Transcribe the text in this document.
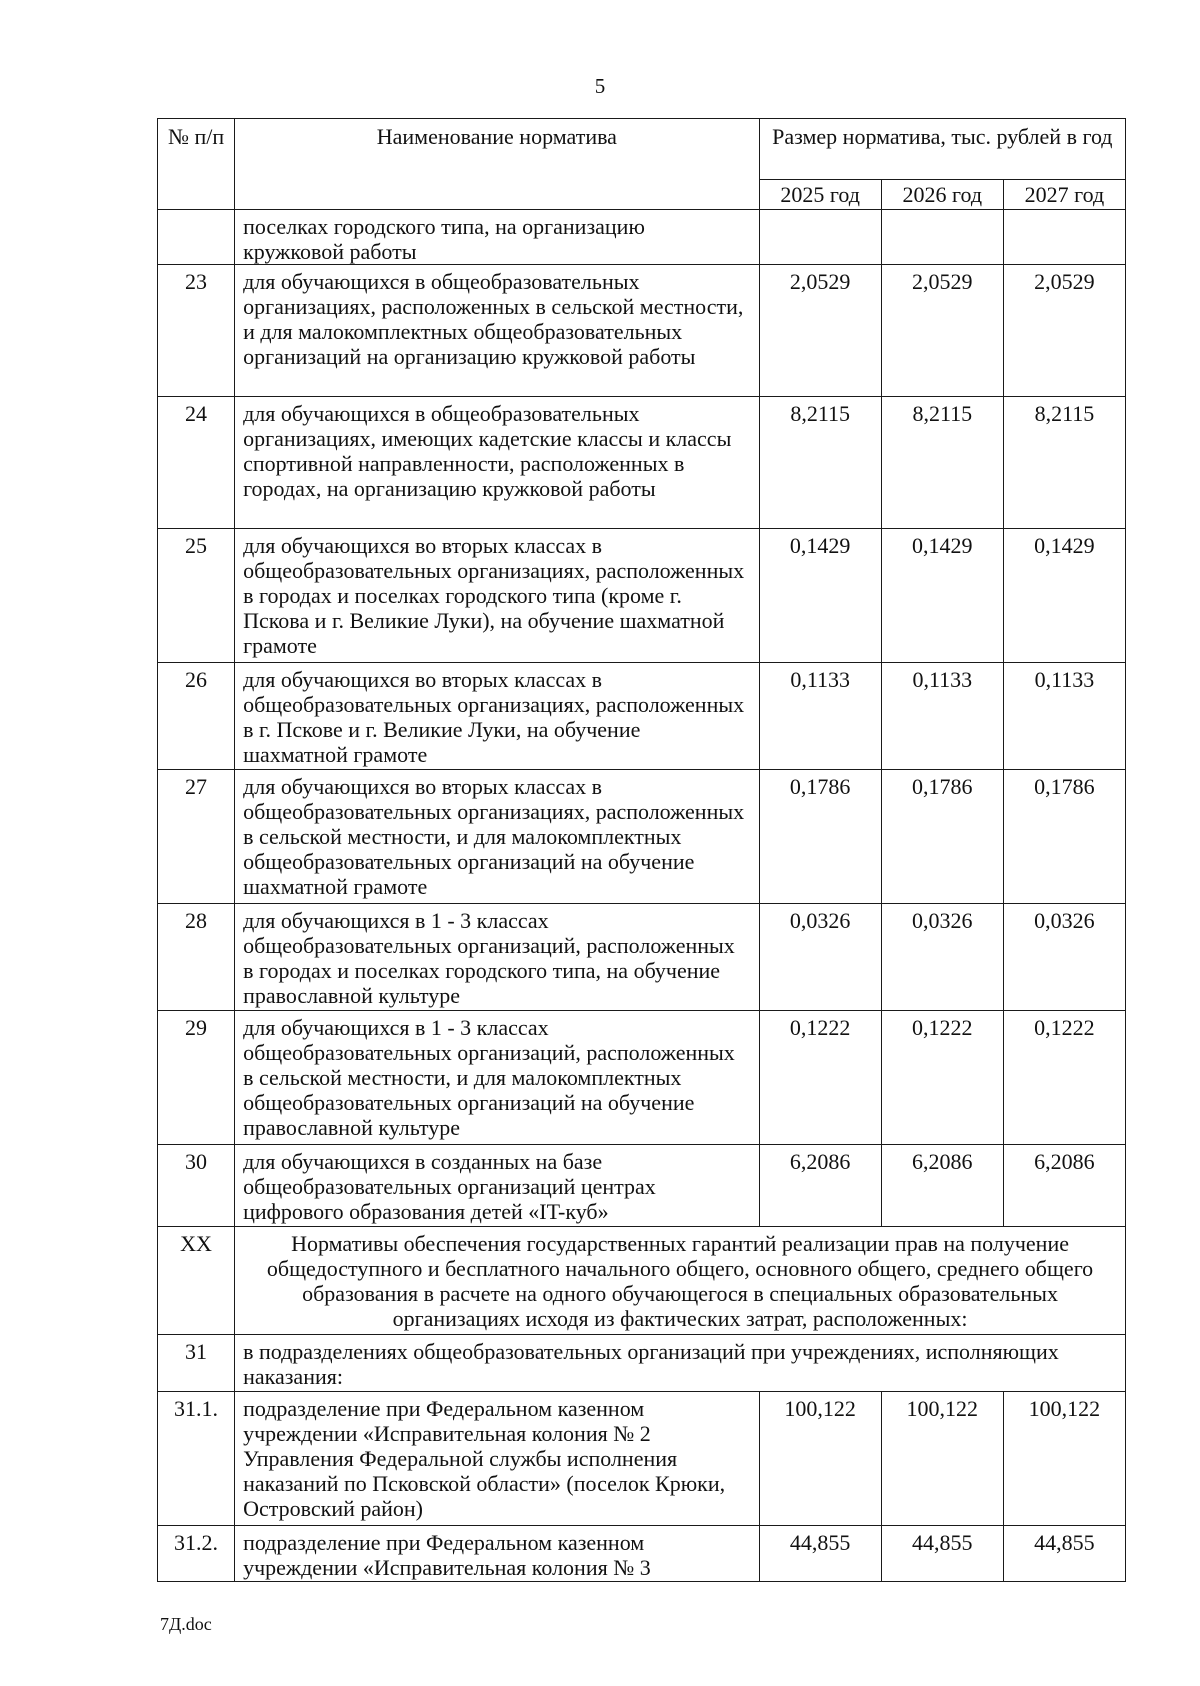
5
№ п/п	Наименование норматива	Размер норматива, тыс. рублей в год		
		2025 год	2026 год	2027 год
	поселках городского типа, на организацию кружковой работы			
23	для обучающихся в общеобразовательных организациях, расположенных в сельской местности, и для малокомплектных общеобразовательных организаций на организацию кружковой работы	2,0529	2,0529	2,0529
24	для обучающихся в общеобразовательных организациях, имеющих кадетские классы и классы спортивной направленности, расположенных в городах, на организацию кружковой работы	8,2115	8,2115	8,2115
25	для обучающихся во вторых классах в общеобразовательных организациях, расположенных в городах и поселках городского типа (кроме г. Пскова и г. Великие Луки), на обучение шахматной грамоте	0,1429	0,1429	0,1429
26	для обучающихся во вторых классах в общеобразовательных организациях, расположенных в г. Пскове и г. Великие Луки, на обучение шахматной грамоте	0,1133	0,1133	0,1133
27	для обучающихся во вторых классах в общеобразовательных организациях, расположенных в сельской местности, и для малокомплектных общеобразовательных организаций на обучение шахматной грамоте	0,1786	0,1786	0,1786
28	для обучающихся в 1 - 3 классах общеобразовательных организаций, расположенных в городах и поселках городского типа, на обучение православной культуре	0,0326	0,0326	0,0326
29	для обучающихся в 1 - 3 классах общеобразовательных организаций, расположенных в сельской местности, и для малокомплектных общеобразовательных организаций на обучение православной культуре	0,1222	0,1222	0,1222
30	для обучающихся в созданных на базе общеобразовательных организаций центрах цифрового образования детей «IT-куб»	6,2086	6,2086	6,2086
XX	Нормативы обеспечения государственных гарантий реализации прав на получение общедоступного и бесплатного начального общего, основного общего, среднего общего образования в расчете на одного обучающегося в специальных образовательных организациях исходя из фактических затрат, расположенных:			
31	в подразделениях общеобразовательных организаций при учреждениях, исполняющих наказания:			
31.1.	подразделение при Федеральном казенном учреждении «Исправительная колония № 2 Управления Федеральной службы исполнения наказаний по Псковской области» (поселок Крюки, Островский район)	100,122	100,122	100,122
31.2.	подразделение при Федеральном казенном учреждении «Исправительная колония № 3	44,855	44,855	44,855
7Д.doc
